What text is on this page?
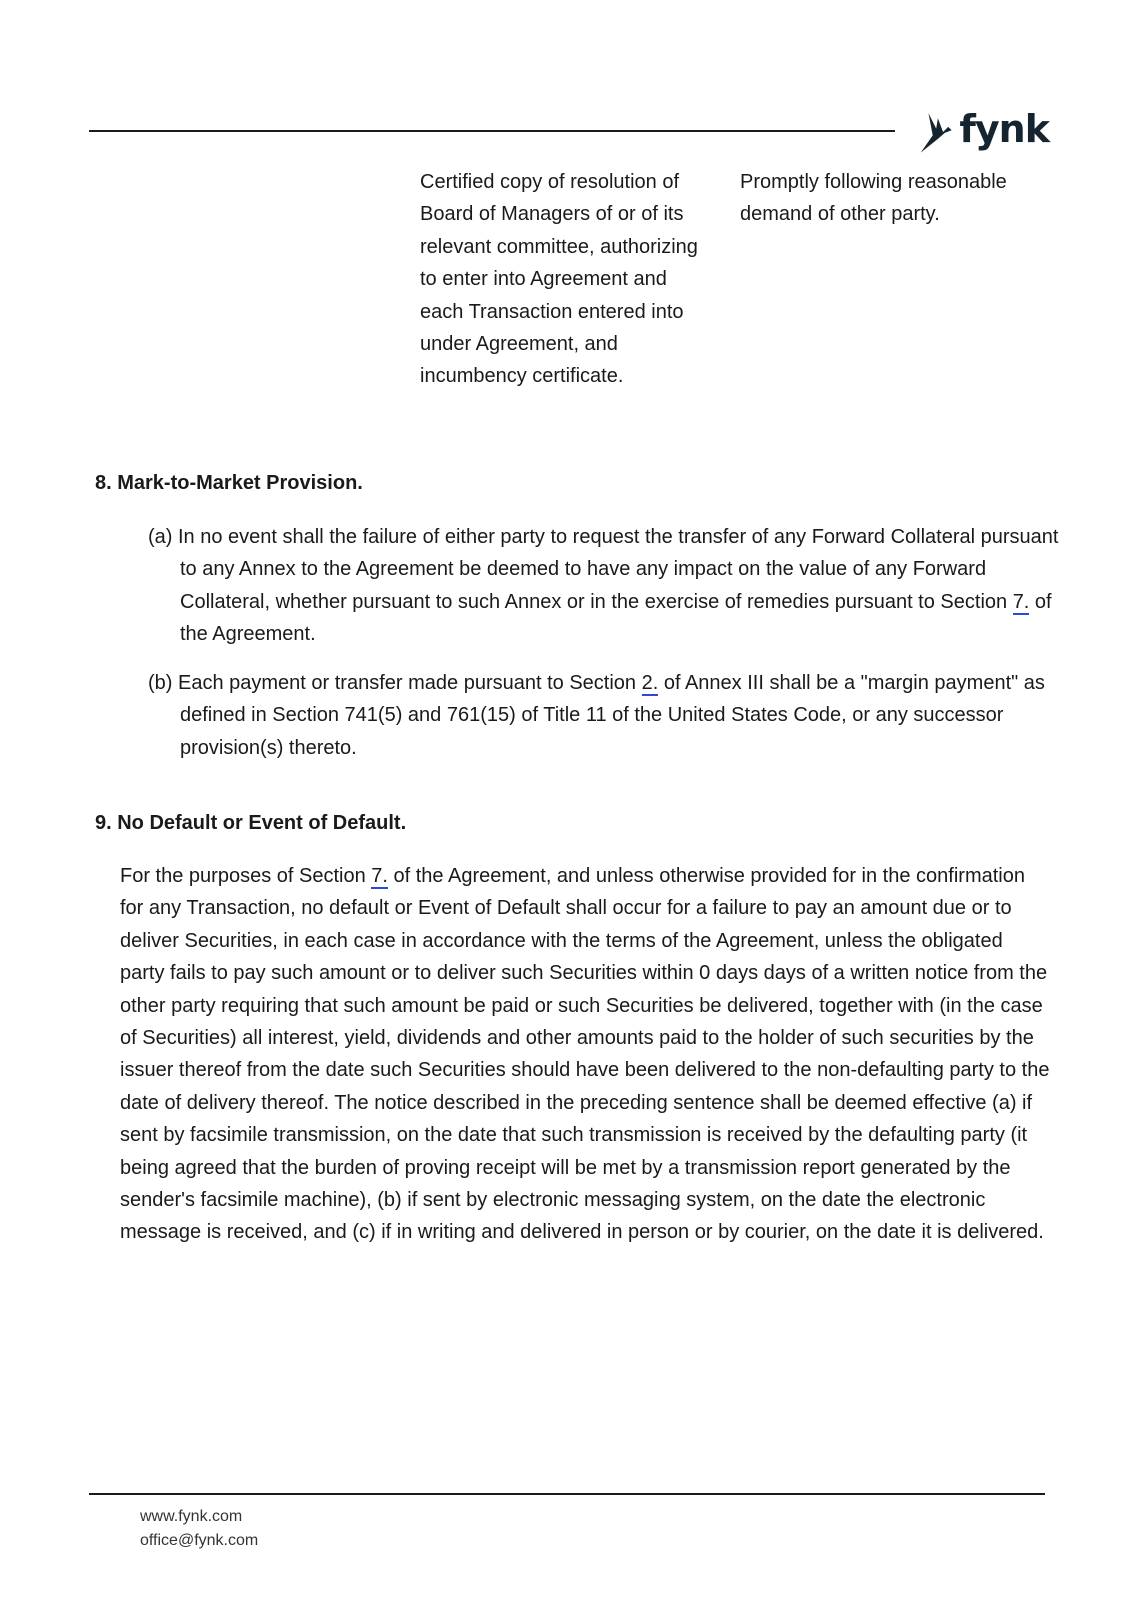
fynk
Certified copy of resolution of Board of Managers of or of its relevant committee, authorizing to enter into Agreement and each Transaction entered into under Agreement, and incumbency certificate.
Promptly following reasonable demand of other party.
8. Mark-to-Market Provision.
(a) In no event shall the failure of either party to request the transfer of any Forward Collateral pursuant to any Annex to the Agreement be deemed to have any impact on the value of any Forward Collateral, whether pursuant to such Annex or in the exercise of remedies pursuant to Section 7. of the Agreement.
(b) Each payment or transfer made pursuant to Section 2. of Annex III shall be a "margin payment" as defined in Section 741(5) and 761(15) of Title 11 of the United States Code, or any successor provision(s) thereto.
9. No Default or Event of Default.
For the purposes of Section 7. of the Agreement, and unless otherwise provided for in the confirmation for any Transaction, no default or Event of Default shall occur for a failure to pay an amount due or to deliver Securities, in each case in accordance with the terms of the Agreement, unless the obligated party fails to pay such amount or to deliver such Securities within 0 days days of a written notice from the other party requiring that such amount be paid or such Securities be delivered, together with (in the case of Securities) all interest, yield, dividends and other amounts paid to the holder of such securities by the issuer thereof from the date such Securities should have been delivered to the non-defaulting party to the date of delivery thereof. The notice described in the preceding sentence shall be deemed effective (a) if sent by facsimile transmission, on the date that such transmission is received by the defaulting party (it being agreed that the burden of proving receipt will be met by a transmission report generated by the sender's facsimile machine), (b) if sent by electronic messaging system, on the date the electronic message is received, and (c) if in writing and delivered in person or by courier, on the date it is delivered.
www.fynk.com
office@fynk.com
